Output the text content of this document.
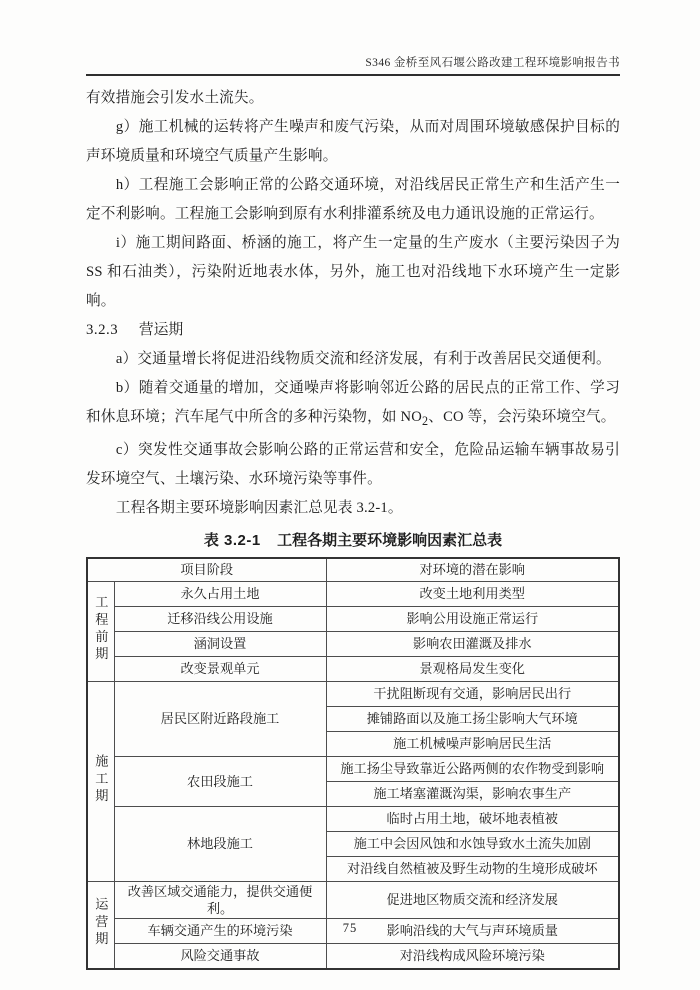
S346 金桥至风石堰公路改建工程环境影响报告书

有效措施会引发水土流失。

g）施工机械的运转将产生噪声和废气污染，从而对周围环境敏感保护目标的声环境质量和环境空气质量产生影响。

h）工程施工会影响正常的公路交通环境，对沿线居民正常生产和生活产生一定不利影响。工程施工会影响到原有水利排灌系统及电力通讯设施的正常运行。

i）施工期间路面、桥涵的施工，将产生一定量的生产废水（主要污染因子为 SS 和石油类），污染附近地表水体，另外，施工也对沿线地下水环境产生一定影响。

3.2.3 营运期

a）交通量增长将促进沿线物质交流和经济发展，有利于改善居民交通便利。

b）随着交通量的增加，交通噪声将影响邻近公路的居民点的正常工作、学习和休息环境；汽车尾气中所含的多种污染物，如 $NO_2$、CO 等，会污染环境空气。

c）突发性交通事故会影响公路的正常运营和安全，危险品运输车辆事故易引发环境空气、土壤污染、水环境污染等事件。

工程各期主要环境影响因素汇总见表 3.2-1。

表 3.2-1 工程各期主要环境影响因素汇总表
项目阶段		对环境的潜在影响
工程前期	永久占用土地	改变土地利用类型
	迁移沿线公用设施	影响公用设施正常运行
	涵洞设置	影响农田灌溉及排水
	改变景观单元	景观格局发生变化
施工期	居民区附近路段施工	干扰阻断现有交通，影响居民出行
		摊铺路面以及施工扬尘影响大气环境
		施工机械噪声影响居民生活
	农田段施工	施工扬尘导致靠近公路两侧的农作物受到影响
		施工堵塞灌溉沟渠，影响农事生产
	林地段施工	临时占用土地，破坏地表植被
		施工中会因风蚀和水蚀导致水土流失加剧
		对沿线自然植被及野生动物的生境形成破坏
运营期	改善区域交通能力，提供交通便利。	促进地区物质交流和经济发展
	车辆交通产生的环境污染	影响沿线的大气与声环境质量
	风险交通事故	对沿线构成风险环境污染
75
